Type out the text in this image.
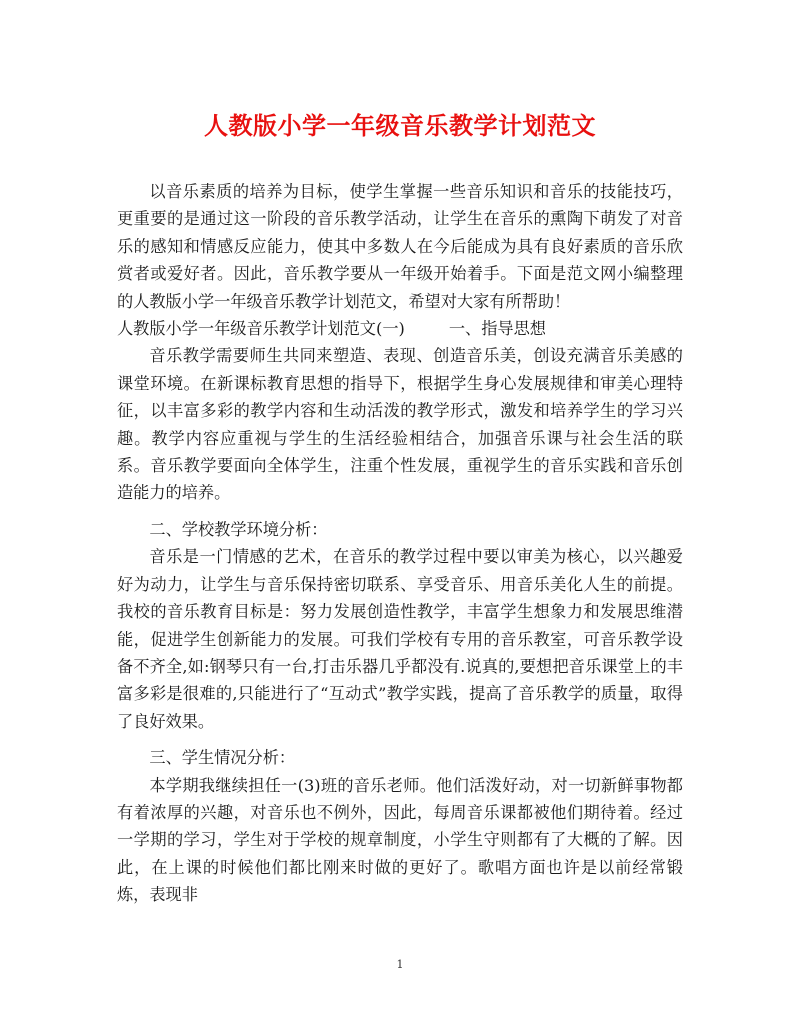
人教版小学一年级音乐教学计划范文

以音乐素质的培养为目标，使学生掌握一些音乐知识和音乐的技能技巧，更重要的是通过这一阶段的音乐教学活动，让学生在音乐的熏陶下萌发了对音乐的感知和情感反应能力，使其中多数人在今后能成为具有良好素质的音乐欣赏者或爱好者。因此，音乐教学要从一年级开始着手。下面是范文网小编整理的人教版小学一年级音乐教学计划范文，希望对大家有所帮助！

人教版小学一年级音乐教学计划范文(一)	一、指导思想

音乐教学需要师生共同来塑造、表现、创造音乐美，创设充满音乐美感的课堂环境。在新课标教育思想的指导下，根据学生身心发展规律和审美心理特征，以丰富多彩的教学内容和生动活泼的教学形式，激发和培养学生的学习兴趣。教学内容应重视与学生的生活经验相结合，加强音乐课与社会生活的联系。音乐教学要面向全体学生，注重个性发展，重视学生的音乐实践和音乐创造能力的培养。

二、学校教学环境分析：

音乐是一门情感的艺术，在音乐的教学过程中要以审美为核心，以兴趣爱好为动力，让学生与音乐保持密切联系、享受音乐、用音乐美化人生的前提。我校的音乐教育目标是：努力发展创造性教学，丰富学生想象力和发展思维潜能，促进学生创新能力的发展。可我们学校有专用的音乐教室，可音乐教学设备不齐全,如:钢琴只有一台,打击乐器几乎都没有.说真的,要想把音乐课堂上的丰富多彩是很难的,只能进行了“互动式”教学实践，提高了音乐教学的质量，取得了良好效果。

三、学生情况分析：

本学期我继续担任一(3)班的音乐老师。他们活泼好动，对一切新鲜事物都有着浓厚的兴趣，对音乐也不例外，因此，每周音乐课都被他们期待着。经过一学期的学习，学生对于学校的规章制度，小学生守则都有了大概的了解。因此，在上课的时候他们都比刚来时做的更好了。歌唱方面也许是以前经常锻炼，表现非

1
